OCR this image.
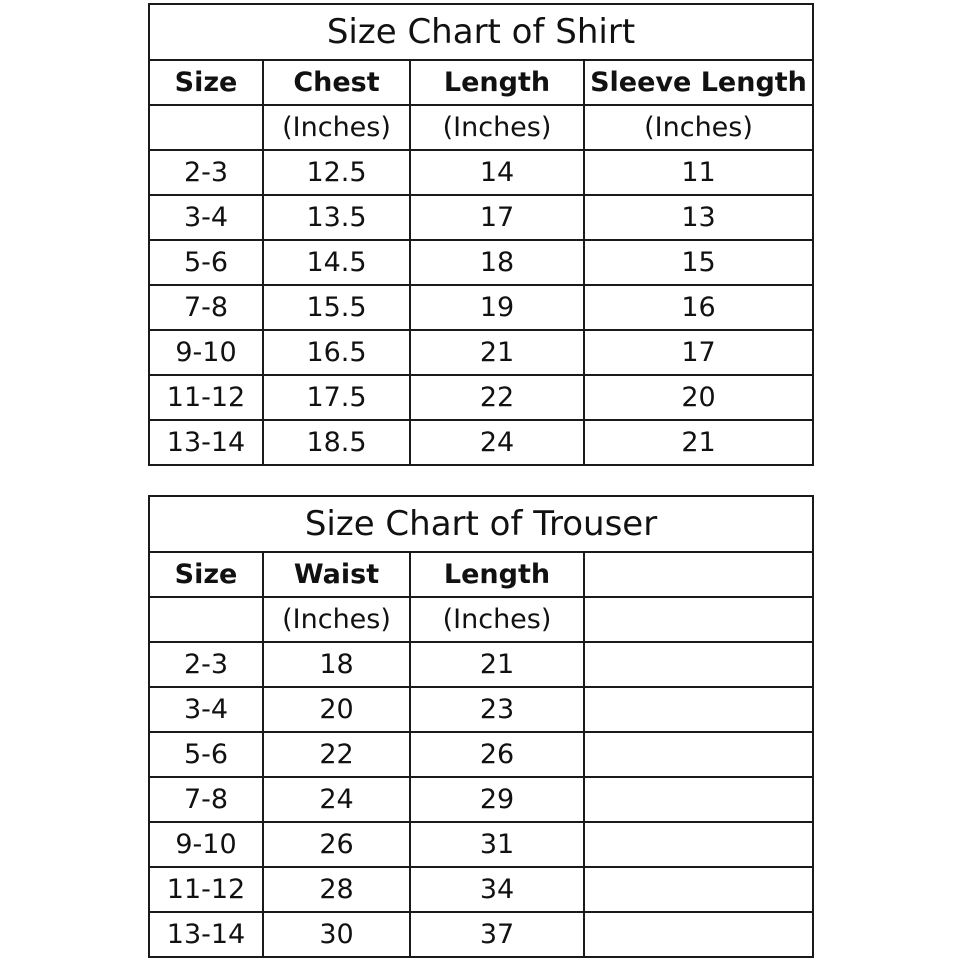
Size Chart of Shirt			
Size	Chest	Length	Sleeve Length
	(Inches)	(Inches)	(Inches)
2-3	12.5	14	11
3-4	13.5	17	13
5-6	14.5	18	15
7-8	15.5	19	16
9-10	16.5	21	17
11-12	17.5	22	20
13-14	18.5	24	21
Size Chart of Trouser			
Size	Waist	Length	
	(Inches)	(Inches)	
2-3	18	21	
3-4	20	23	
5-6	22	26	
7-8	24	29	
9-10	26	31	
11-12	28	34	
13-14	30	37	
